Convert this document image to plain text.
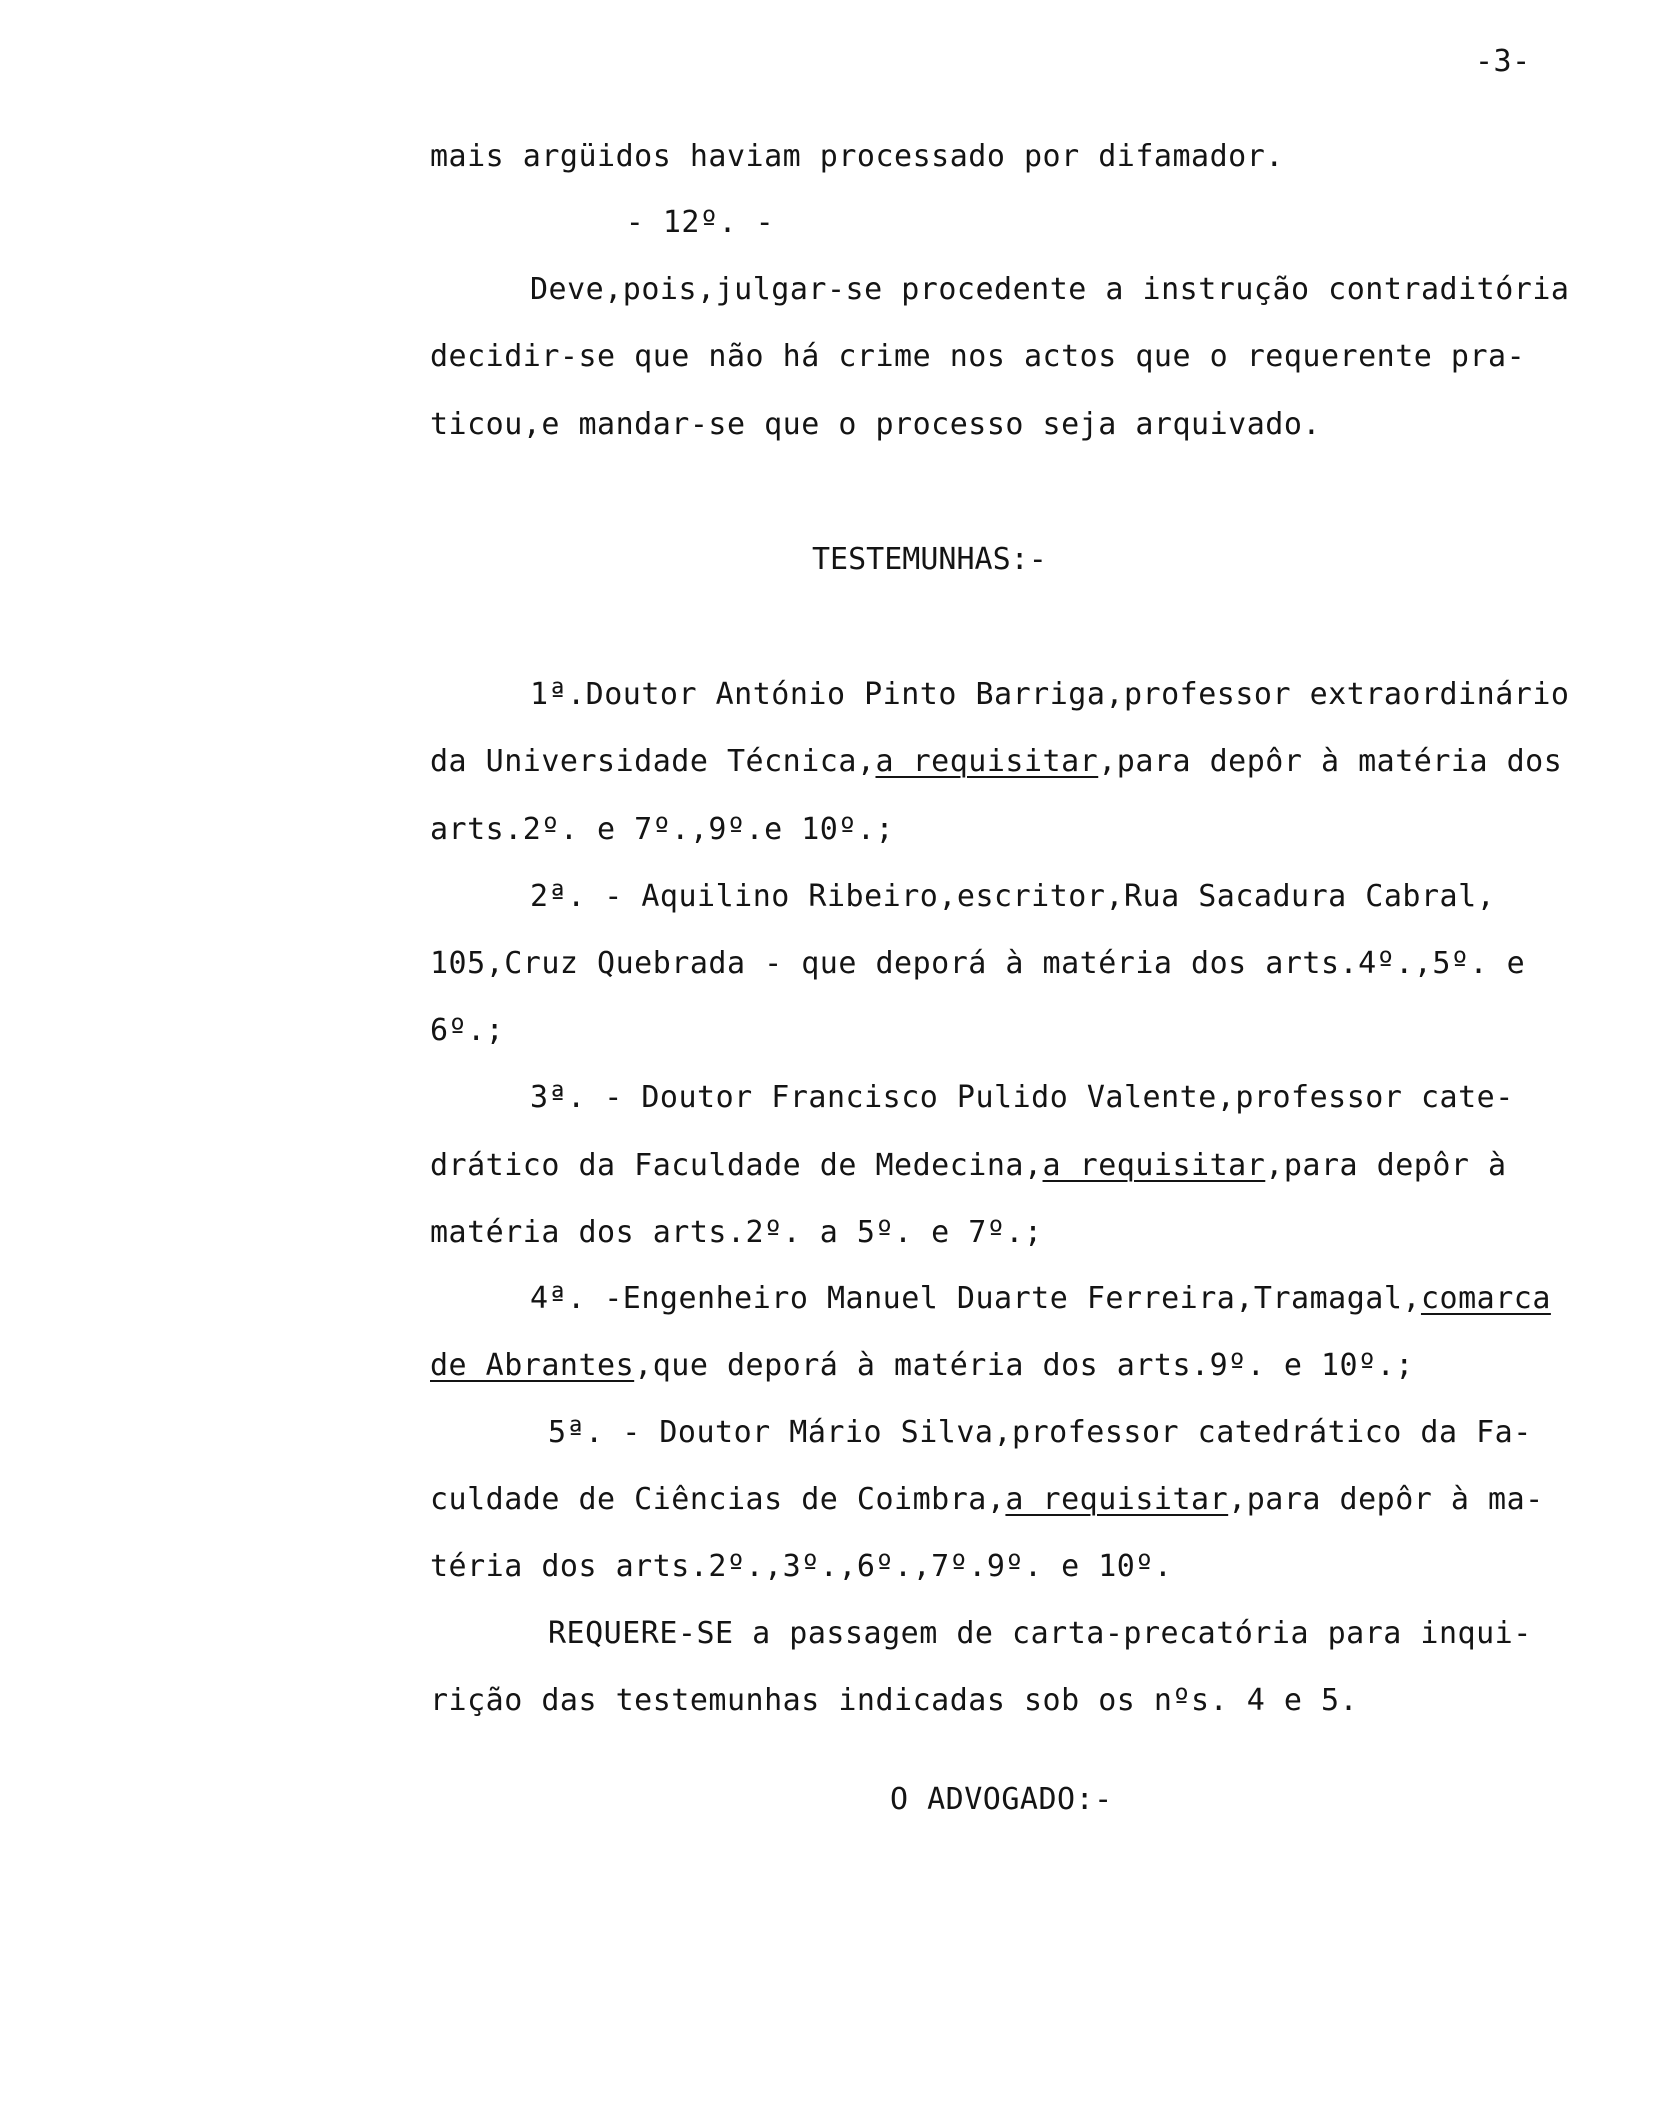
-3-
mais argüidos haviam processado por difamador.
- 12º. -
Deve,pois,julgar-se procedente a instrução contraditória
decidir-se que não há crime nos actos que o requerente pra-
ticou,e mandar-se que o processo seja arquivado.
TESTEMUNHAS:-
1ª.Doutor António Pinto Barriga,professor extraordinário
da Universidade Técnica,a requisitar,para depôr à matéria dos
arts.2º. e 7º.,9º.e 10º.;
2ª. - Aquilino Ribeiro,escritor,Rua Sacadura Cabral,
105,Cruz Quebrada - que deporá à matéria dos arts.4º.,5º. e
6º.;
3ª. - Doutor Francisco Pulido Valente,professor cate-
drático da Faculdade de Medecina,a requisitar,para depôr à
matéria dos arts.2º. a 5º. e 7º.;
4ª. -Engenheiro Manuel Duarte Ferreira,Tramagal,comarca
de Abrantes,que deporá à matéria dos arts.9º. e 10º.;
5ª. - Doutor Mário Silva,professor catedrático da Fa-
culdade de Ciências de Coimbra,a requisitar,para depôr à ma-
téria dos arts.2º.,3º.,6º.,7º.9º. e 10º.
REQUERE-SE a passagem de carta-precatória para inqui-
rição das testemunhas indicadas sob os nºs. 4 e 5.
O ADVOGADO:-
